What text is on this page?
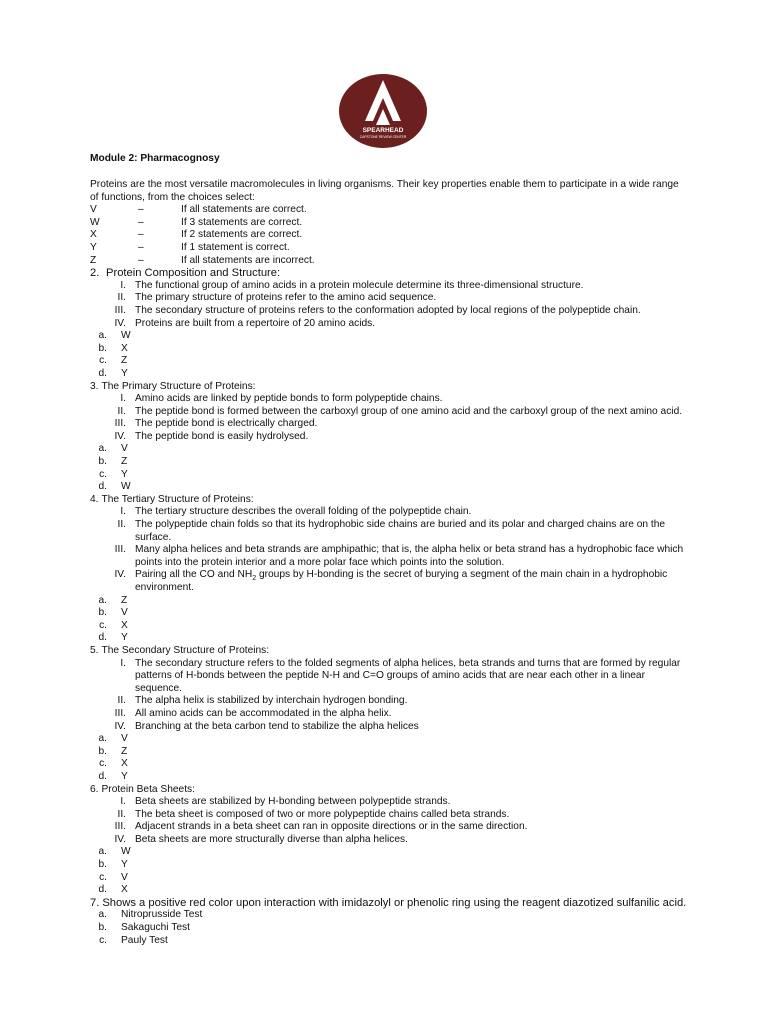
SPEARHEAD
CAPSTONE REVIEW CENTER
Module 2: Pharmacognosy

Proteins are the most versatile macromolecules in living organisms. Their key properties enable them to participate in a wide range of functions, from the choices select:

V	–	If all statements are correct.
W	–	If 3 statements are correct.
X	–	If 2 statements are correct.
Y	–	If 1 statement is correct.
Z	–	If all statements are incorrect.
2. Protein Composition and Structure:
I. The functional group of amino acids in a protein molecule determine its three-dimensional structure.
II. The primary structure of proteins refer to the amino acid sequence.
III. The secondary structure of proteins refers to the conformation adopted by local regions of the polypeptide chain.
IV. Proteins are built from a repertoire of 20 amino acids.
a.	W
b.	X
c.	Z
d.	Y
3. The Primary Structure of Proteins:
I. Amino acids are linked by peptide bonds to form polypeptide chains.
II. The peptide bond is formed between the carboxyl group of one amino acid and the carboxyl group of the next amino acid.
III. The peptide bond is electrically charged.
IV. The peptide bond is easily hydrolysed.
a.	V
b.	Z
c.	Y
d.	W
4. The Tertiary Structure of Proteins:
I. The tertiary structure describes the overall folding of the polypeptide chain.
II. The polypeptide chain folds so that its hydrophobic side chains are buried and its polar and charged chains are on the surface.
III. Many alpha helices and beta strands are amphipathic; that is, the alpha helix or beta strand has a hydrophobic face which points into the protein interior and a more polar face which points into the solution.
IV. Pairing all the CO and $NH_2$ groups by H-bonding is the secret of burying a segment of the main chain in a hydrophobic environment.
a.	Z
b.	V
c.	X
d.	Y
5. The Secondary Structure of Proteins:
I. The secondary structure refers to the folded segments of alpha helices, beta strands and turns that are formed by regular patterns of H-bonds between the peptide N-H and C=O groups of amino acids that are near each other in a linear sequence.
II. The alpha helix is stabilized by interchain hydrogen bonding.
III. All amino acids can be accommodated in the alpha helix.
IV. Branching at the beta carbon tend to stabilize the alpha helices
a.	V
b.	Z
c.	X
d.	Y
6. Protein Beta Sheets:
I. Beta sheets are stabilized by H-bonding between polypeptide strands.
II. The beta sheet is composed of two or more polypeptide chains called beta strands.
III. Adjacent strands in a beta sheet can ran in opposite directions or in the same direction.
IV. Beta sheets are more structurally diverse than alpha helices.
a.	W
b.	Y
c.	V
d.	X
7. Shows a positive red color upon interaction with imidazolyl or phenolic ring using the reagent diazotized sulfanilic acid.
a.	Nitroprusside Test
b.	Sakaguchi Test
c.	Pauly Test
